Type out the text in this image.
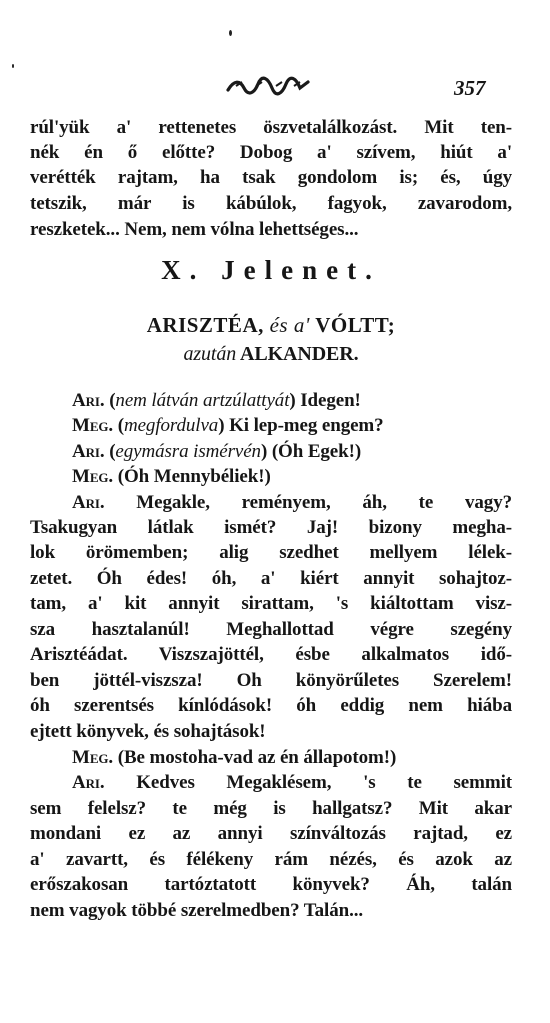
357
rúl'yük a' rettenetes öszvetalálkozást. Mit ten-
nék én ő előtte? Dobog a' szívem, hiút a'
verétték rajtam, ha tsak gondolom is; és, úgy
tetszik, már is kábúlok, fagyok, zavarodom,
reszketek... Nem, nem vólna lehettséges...
X. Jelenet.
ARISZTÉA, és a' VÓLTT;
azután ALKANDER.
Ari. (nem látván artzúlattyát) Idegen!
Meg. (megfordulva) Ki lep-meg engem?
Ari. (egymásra ismérvén) (Óh Egek!)
Meg. (Óh Mennybéliek!)
Ari. Megakle, reményem, áh, te vagy?
Tsakugyan látlak ismét? Jaj! bizony megha-
lok örömemben; alig szedhet mellyem lélek-
zetet. Óh édes! óh, a' kiért annyit sohajtoz-
tam, a' kit annyit sirattam, 's kiáltottam visz-
sza hasztalanúl! Meghallottad végre szegény
Arisztéádat. Viszszajöttél, ésbe alkalmatos idő-
ben jöttél-viszsza! Oh könyörűletes Szerelem!
óh szerentsés kínlódások! óh eddig nem hiába
ejtett könyvek, és sohajtások!
Meg. (Be mostoha-vad az én állapotom!)
Ari. Kedves Megaklésem, 's te semmit
sem felelsz? te még is hallgatsz? Mit akar
mondani ez az annyi színváltozás rajtad, ez
a' zavartt, és félékeny rám nézés, és azok az
erőszakosan tartóztatott könyvek? Áh, talán
nem vagyok többé szerelmedben? Talán...
